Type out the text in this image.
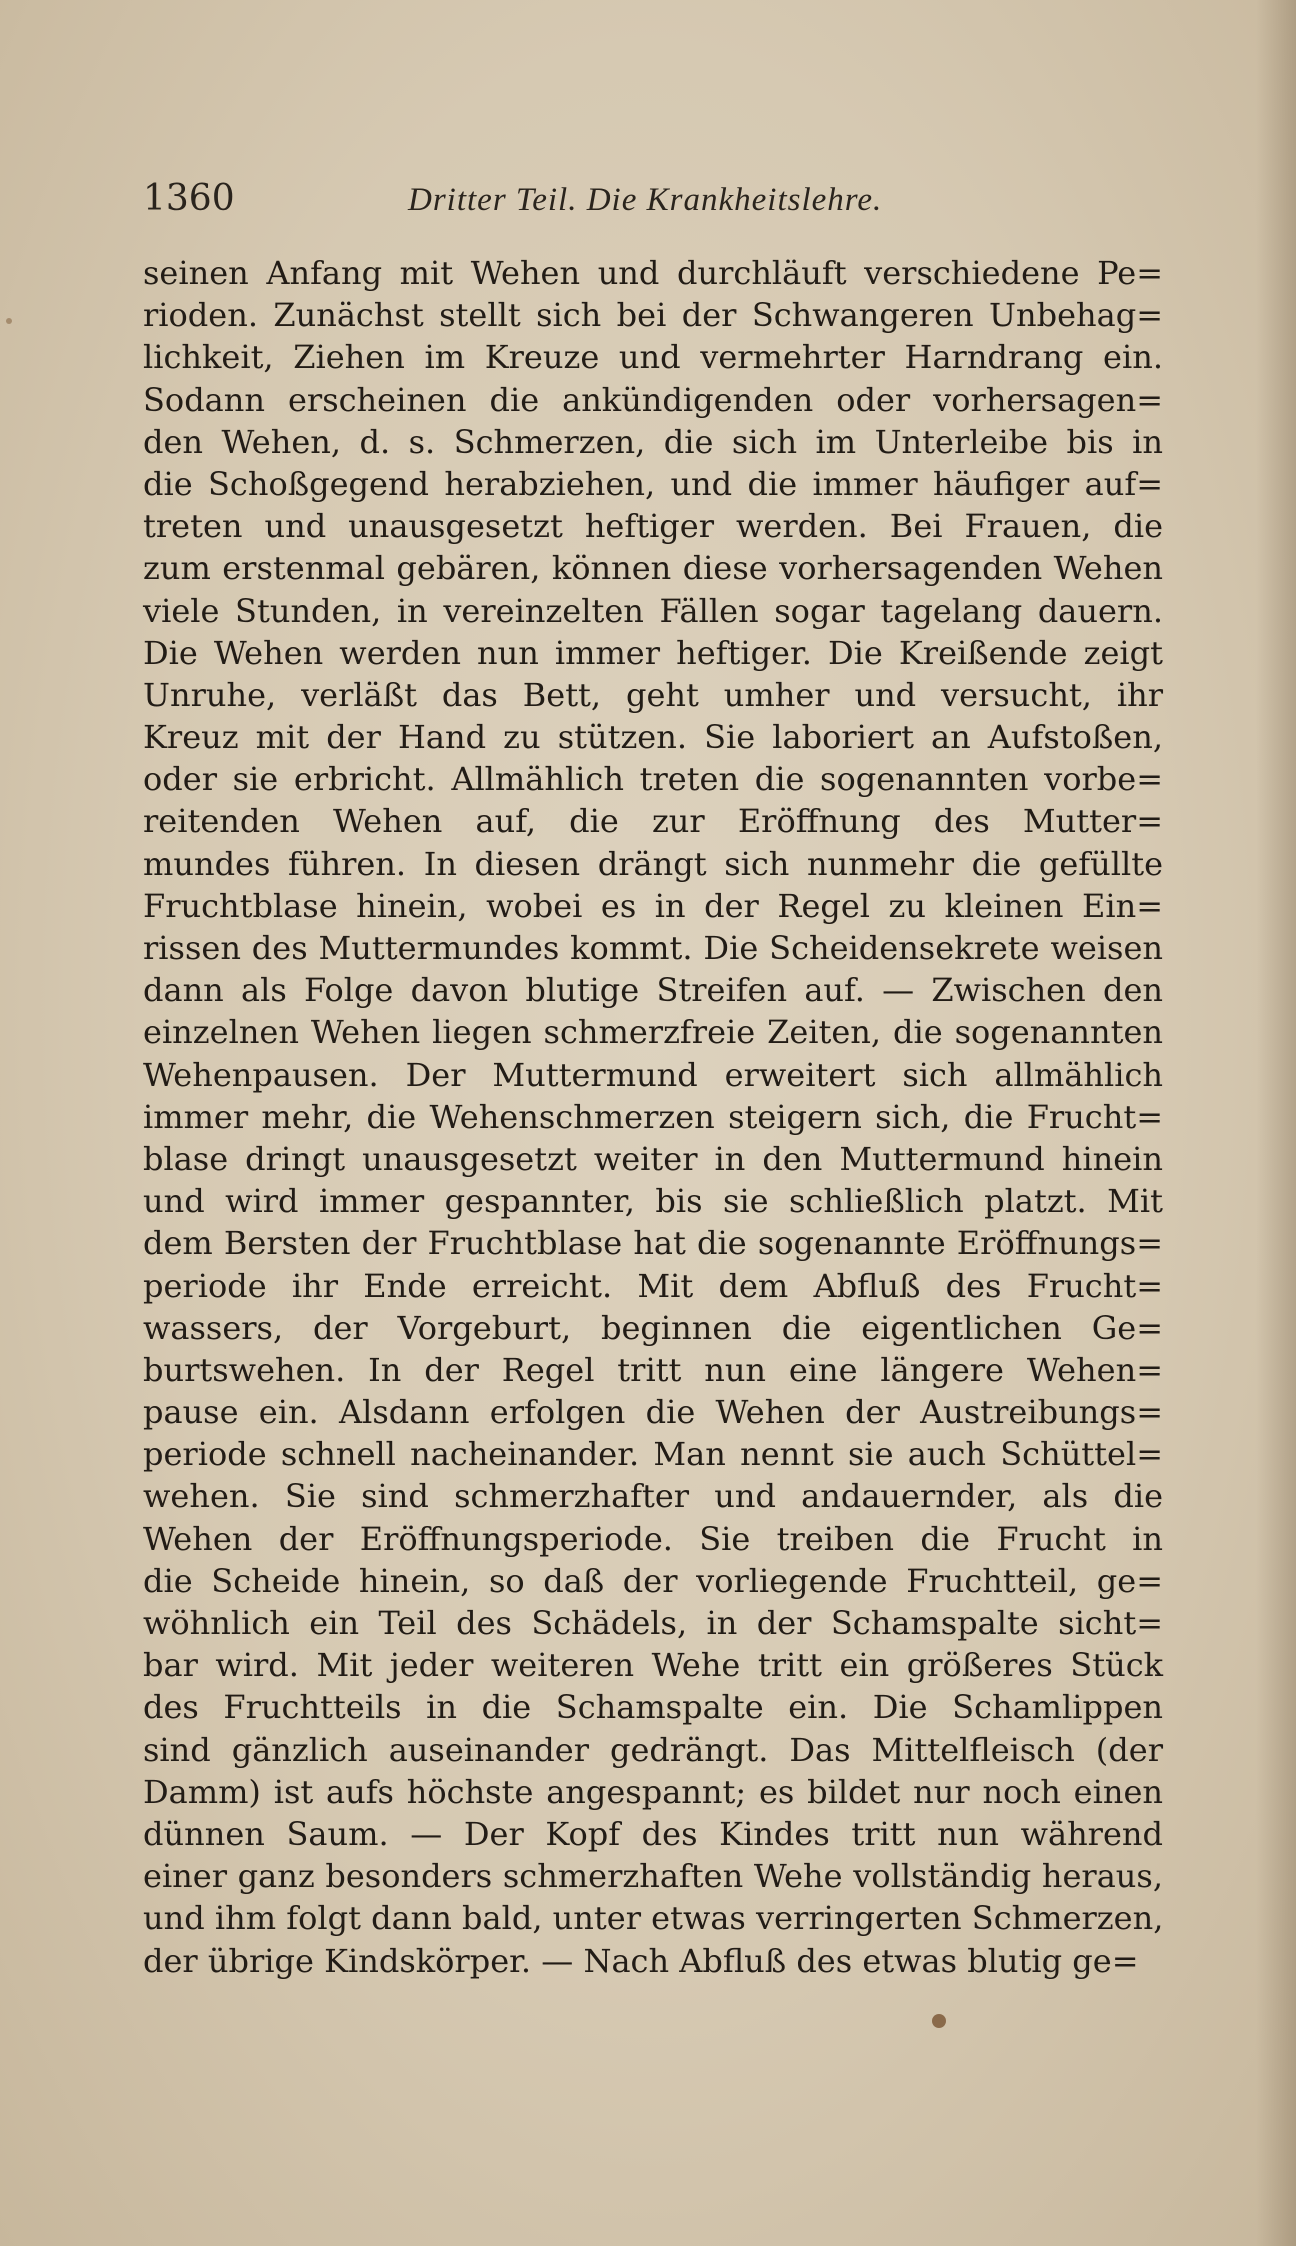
1360	Dritter Teil. Die Krankheitslehre.
seinen Anfang mit Wehen und durchläuft verschiedene Pe=
rioden. Zunächst stellt sich bei der Schwangeren Unbehag=
lichkeit, Ziehen im Kreuze und vermehrter Harndrang ein.
Sodann erscheinen die ankündigenden oder vorhersagen=
den Wehen, d. s. Schmerzen, die sich im Unterleibe bis in
die Schoßgegend herabziehen, und die immer häufiger auf=
treten und unausgesetzt heftiger werden. Bei Frauen, die
zum erstenmal gebären, können diese vorhersagenden Wehen
viele Stunden, in vereinzelten Fällen sogar tagelang dauern.
Die Wehen werden nun immer heftiger. Die Kreißende zeigt
Unruhe, verläßt das Bett, geht umher und versucht, ihr
Kreuz mit der Hand zu stützen. Sie laboriert an Aufstoßen,
oder sie erbricht. Allmählich treten die sogenannten vorbe=
reitenden Wehen auf, die zur Eröffnung des Mutter=
mundes führen. In diesen drängt sich nunmehr die gefüllte
Fruchtblase hinein, wobei es in der Regel zu kleinen Ein=
rissen des Muttermundes kommt. Die Scheidensekrete weisen
dann als Folge davon blutige Streifen auf. — Zwischen den
einzelnen Wehen liegen schmerzfreie Zeiten, die sogenannten
Wehenpausen. Der Muttermund erweitert sich allmählich
immer mehr, die Wehenschmerzen steigern sich, die Frucht=
blase dringt unausgesetzt weiter in den Muttermund hinein
und wird immer gespannter, bis sie schließlich platzt. Mit
dem Bersten der Fruchtblase hat die sogenannte Eröffnungs=
periode ihr Ende erreicht. Mit dem Abfluß des Frucht=
wassers, der Vorgeburt, beginnen die eigentlichen Ge=
burtswehen. In der Regel tritt nun eine längere Wehen=
pause ein. Alsdann erfolgen die Wehen der Austreibungs=
periode schnell nacheinander. Man nennt sie auch Schüttel=
wehen. Sie sind schmerzhafter und andauernder, als die
Wehen der Eröffnungsperiode. Sie treiben die Frucht in
die Scheide hinein, so daß der vorliegende Fruchtteil, ge=
wöhnlich ein Teil des Schädels, in der Schamspalte sicht=
bar wird. Mit jeder weiteren Wehe tritt ein größeres Stück
des Fruchtteils in die Schamspalte ein. Die Schamlippen
sind gänzlich auseinander gedrängt. Das Mittelfleisch (der
Damm) ist aufs höchste angespannt; es bildet nur noch einen
dünnen Saum. — Der Kopf des Kindes tritt nun während
einer ganz besonders schmerzhaften Wehe vollständig heraus,
und ihm folgt dann bald, unter etwas verringerten Schmerzen,
der übrige Kindskörper. — Nach Abfluß des etwas blutig ge=
